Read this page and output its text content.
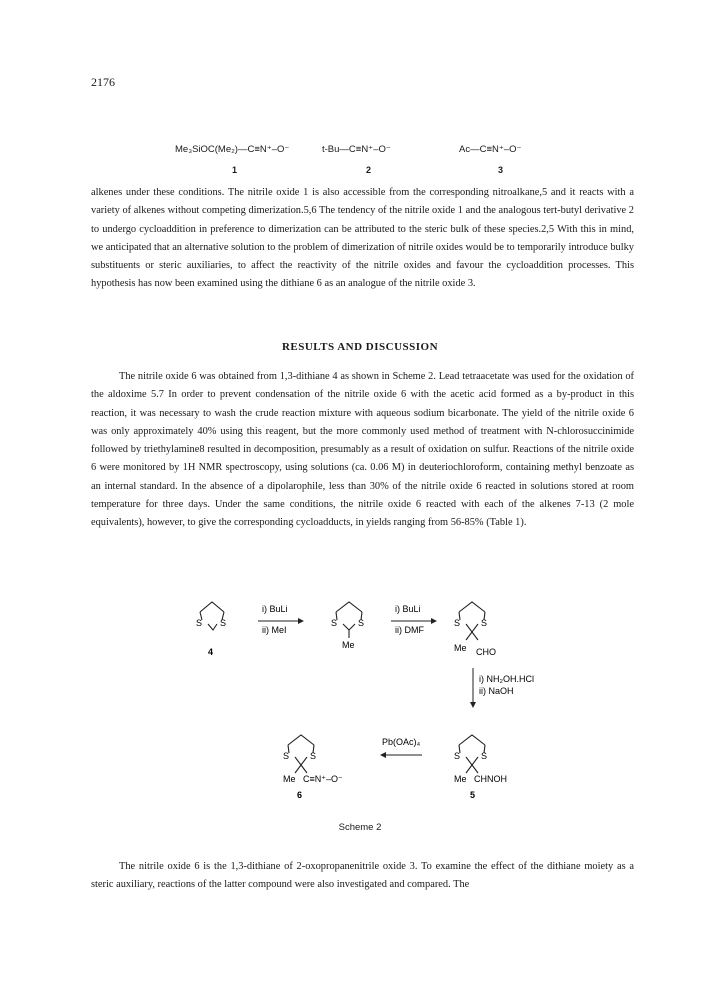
2176
Me₃SiOC(Me₂)—C≡N⁺–O⁻	t-Bu—C≡N⁺–O⁻	Ac—C≡N⁺–O⁻
1	2	3
alkenes under these conditions. The nitrile oxide 1 is also accessible from the corresponding nitroalkane,5 and it reacts with a variety of alkenes without competing dimerization.5,6 The tendency of the nitrile oxide 1 and the analogous tert-butyl derivative 2 to undergo cycloaddition in preference to dimerization can be attributed to the steric bulk of these species.2,5 With this in mind, we anticipated that an alternative solution to the problem of dimerization of nitrile oxides would be to temporarily introduce bulky substituents or steric auxiliaries, to affect the reactivity of the nitrile oxides and favour the cycloaddition processes. This hypothesis has now been examined using the dithiane 6 as an analogue of the nitrile oxide 3.
RESULTS AND DISCUSSION
The nitrile oxide 6 was obtained from 1,3-dithiane 4 as shown in Scheme 2. Lead tetraacetate was used for the oxidation of the aldoxime 5.7 In order to prevent condensation of the nitrile oxide 6 with the acetic acid formed as a by-product in this reaction, it was necessary to wash the crude reaction mixture with aqueous sodium bicarbonate. The yield of the nitrile oxide 6 was only approximately 40% using this reagent, but the more commonly used method of treatment with N-chlorosuccinimide followed by triethylamine8 resulted in decomposition, presumably as a result of oxidation on sulfur. Reactions of the nitrile oxide 6 were monitored by 1H NMR spectroscopy, using solutions (ca. 0.06 M) in deuteriochloroform, containing methyl benzoate as an internal standard. In the absence of a dipolarophile, less than 30% of the nitrile oxide 6 reacted in solutions stored at room temperature for three days. Under the same conditions, the nitrile oxide 6 reacted with each of the alkenes 7-13 (2 mole equivalents), however, to give the corresponding cycloadducts, in yields ranging from 56-85% (Table 1).
S S
4
i) BuLi
ii) MeI
S S
Me
i) BuLi
ii) DMF
S S
Me CHO
i) NH₂OH.HCl
ii) NaOH
S S
Me CHNOH
5
Pb(OAc)₄
S S
Me C≡N⁺–O⁻
6
Scheme 2
The nitrile oxide 6 is the 1,3-dithiane of 2-oxopropanenitrile oxide 3. To examine the effect of the dithiane moiety as a steric auxiliary, reactions of the latter compound were also investigated and compared. The
